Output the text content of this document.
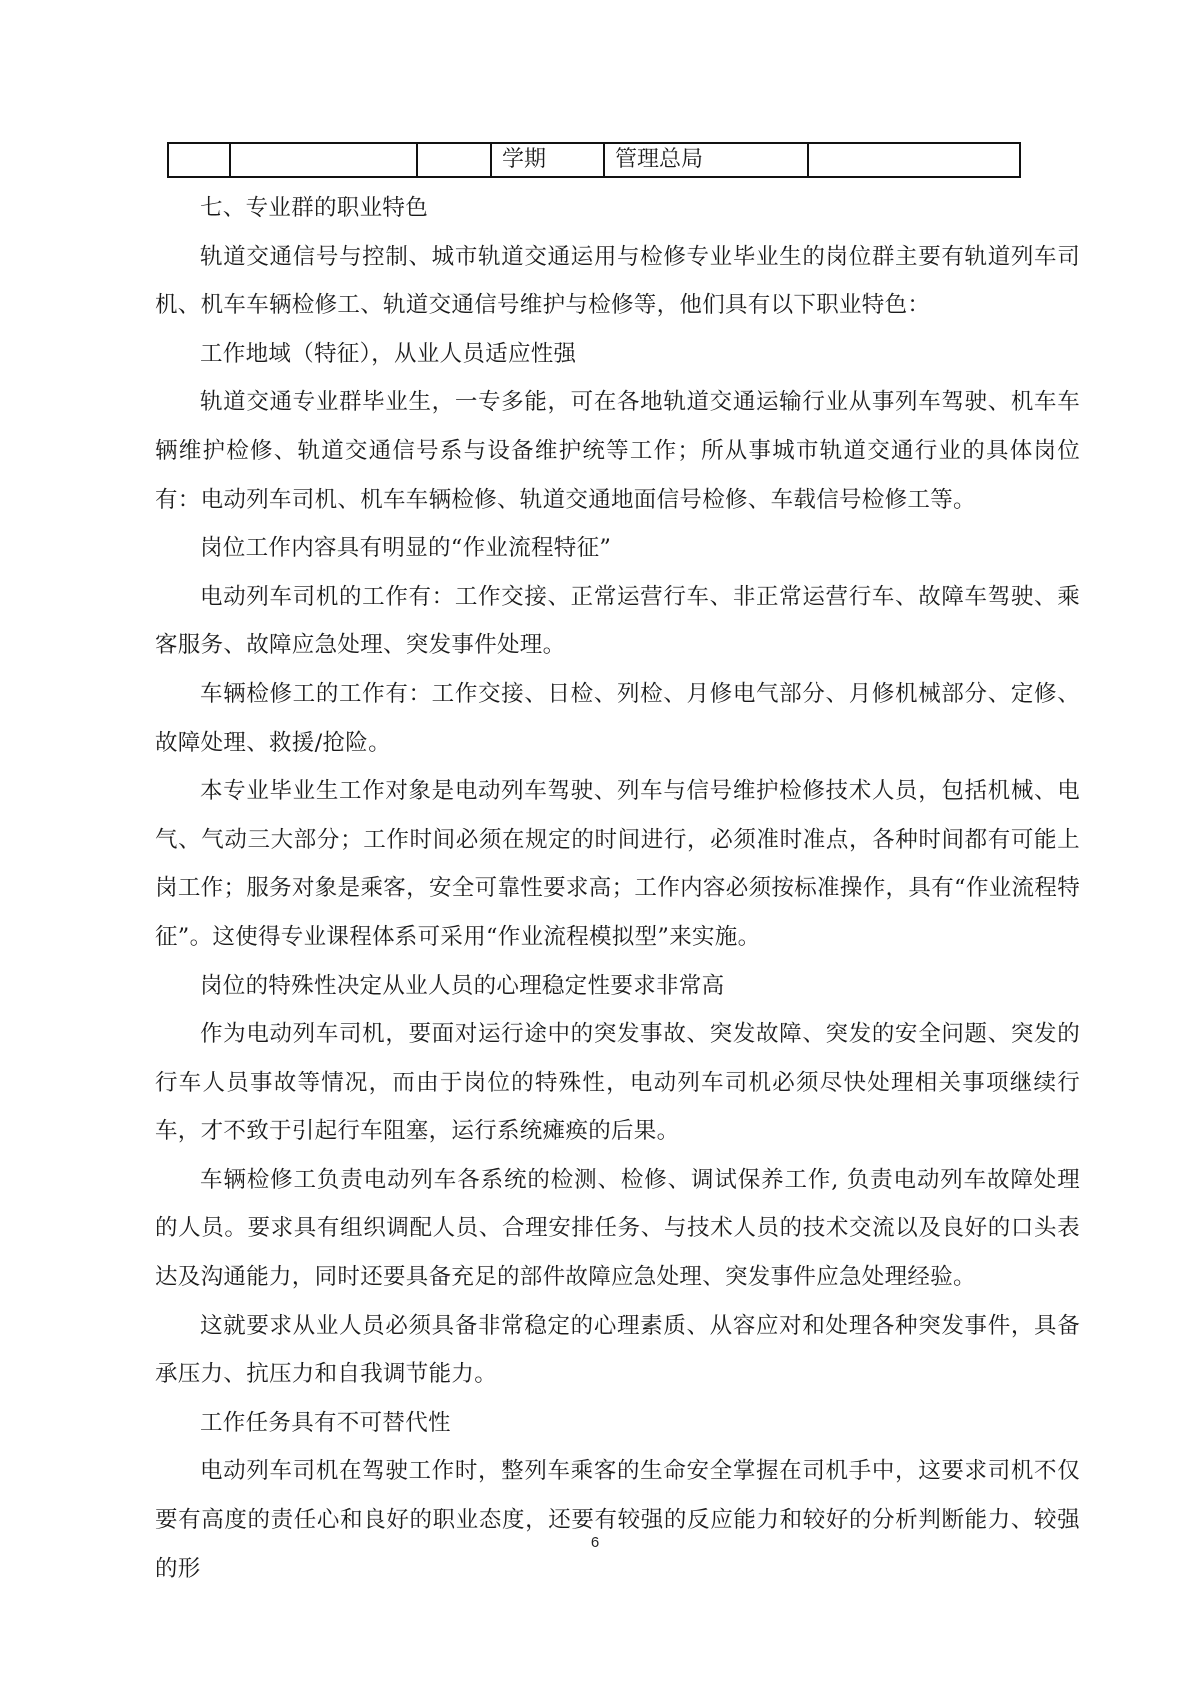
			学期	管理总局	

七、专业群的职业特色

轨道交通信号与控制、城市轨道交通运用与检修专业毕业生的岗位群主要有轨道列车司机、机车车辆检修工、轨道交通信号维护与检修等，他们具有以下职业特色：

工作地域（特征），从业人员适应性强

轨道交通专业群毕业生，一专多能，可在各地轨道交通运输行业从事列车驾驶、机车车辆维护检修、轨道交通信号系与设备维护统等工作；所从事城市轨道交通行业的具体岗位有：电动列车司机、机车车辆检修、轨道交通地面信号检修、车载信号检修工等。

岗位工作内容具有明显的“作业流程特征”

电动列车司机的工作有：工作交接、正常运营行车、非正常运营行车、故障车驾驶、乘客服务、故障应急处理、突发事件处理。

车辆检修工的工作有：工作交接、日检、列检、月修电气部分、月修机械部分、定修、故障处理、救援/抢险。

本专业毕业生工作对象是电动列车驾驶、列车与信号维护检修技术人员，包括机械、电气、气动三大部分；工作时间必须在规定的时间进行，必须准时准点，各种时间都有可能上岗工作；服务对象是乘客，安全可靠性要求高；工作内容必须按标准操作，具有“作业流程特征”。这使得专业课程体系可采用“作业流程模拟型”来实施。

岗位的特殊性决定从业人员的心理稳定性要求非常高

作为电动列车司机，要面对运行途中的突发事故、突发故障、突发的安全问题、突发的行车人员事故等情况，而由于岗位的特殊性，电动列车司机必须尽快处理相关事项继续行车，才不致于引起行车阻塞，运行系统瘫痪的后果。

车辆检修工负责电动列车各系统的检测、检修、调试保养工作, 负责电动列车故障处理的人员。要求具有组织调配人员、合理安排任务、与技术人员的技术交流以及良好的口头表达及沟通能力，同时还要具备充足的部件故障应急处理、突发事件应急处理经验。

这就要求从业人员必须具备非常稳定的心理素质、从容应对和处理各种突发事件，具备承压力、抗压力和自我调节能力。

工作任务具有不可替代性

电动列车司机在驾驶工作时，整列车乘客的生命安全掌握在司机手中，这要求司机不仅要有高度的责任心和良好的职业态度，还要有较强的反应能力和较好的分析判断能力、较强的形

6
